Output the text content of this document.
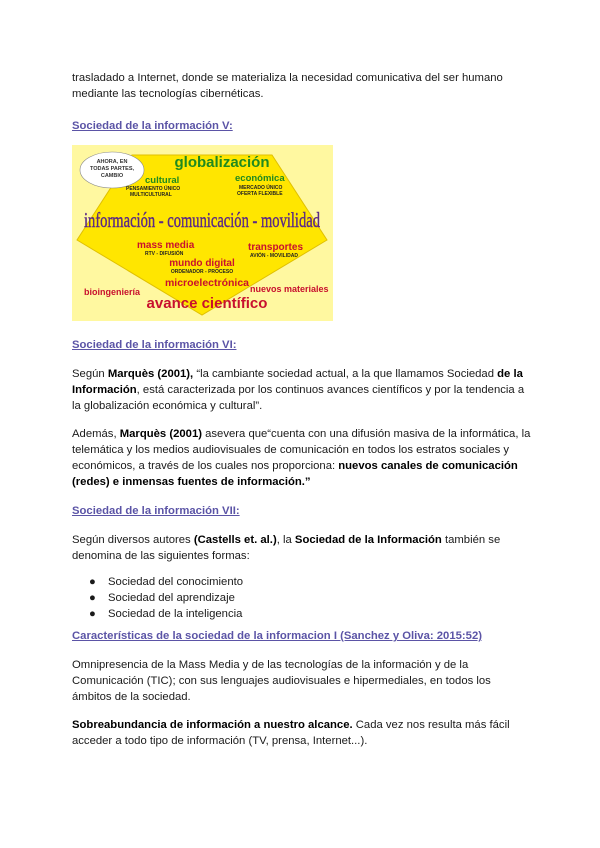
trasladado a Internet, donde se materializa la necesidad comunicativa del ser humano

mediante las tecnologías cibernéticas.

Sociedad de la información V:

AHORA, EN
TODAS PARTES,
CAMBIO
globalización
cultural
PENSAMIENTO ÚNICO
MULTICULTURAL
económica
MERCADO ÚNICO
OFERTA FLEXIBLE
información - comunicación - movilidad
mass media
RTV - DIFUSIÓN
transportes
AVIÓN - MOVILIDAD
mundo digital
ORDENADOR - PROCESO
microelectrónica
bioingeniería	nuevos materiales
avance científico

Sociedad de la información VI:

Según Marquès (2001), “la cambiante sociedad actual, a la que llamamos Sociedad de la
Información, está caracterizada por los continuos avances científicos y por la tendencia a la globalización económica y cultural”.

Además, Marquès (2001) asevera que“cuenta con una difusión masiva de la informática, la telemática y los medios audiovisuales de comunicación en todos los estratos sociales y económicos, a través de los cuales nos proporciona: nuevos canales de comunicación (redes) e inmensas fuentes de información.”

Sociedad de la información VII:

Según diversos autores (Castells et. al.), la Sociedad de la Información también se denomina de las siguientes formas:

● Sociedad del conocimiento
● Sociedad del aprendizaje
● Sociedad de la inteligencia

Características de la sociedad de la informacion I (Sanchez y Oliva: 2015:52)

Omnipresencia de la Mass Media y de las tecnologías de la información y de la Comunicación (TIC); con sus lenguajes audiovisuales e hipermediales, en todos los ámbitos de la sociedad.

Sobreabundancia de información a nuestro alcance. Cada vez nos resulta más fácil acceder a todo tipo de información (TV, prensa, Internet...).
